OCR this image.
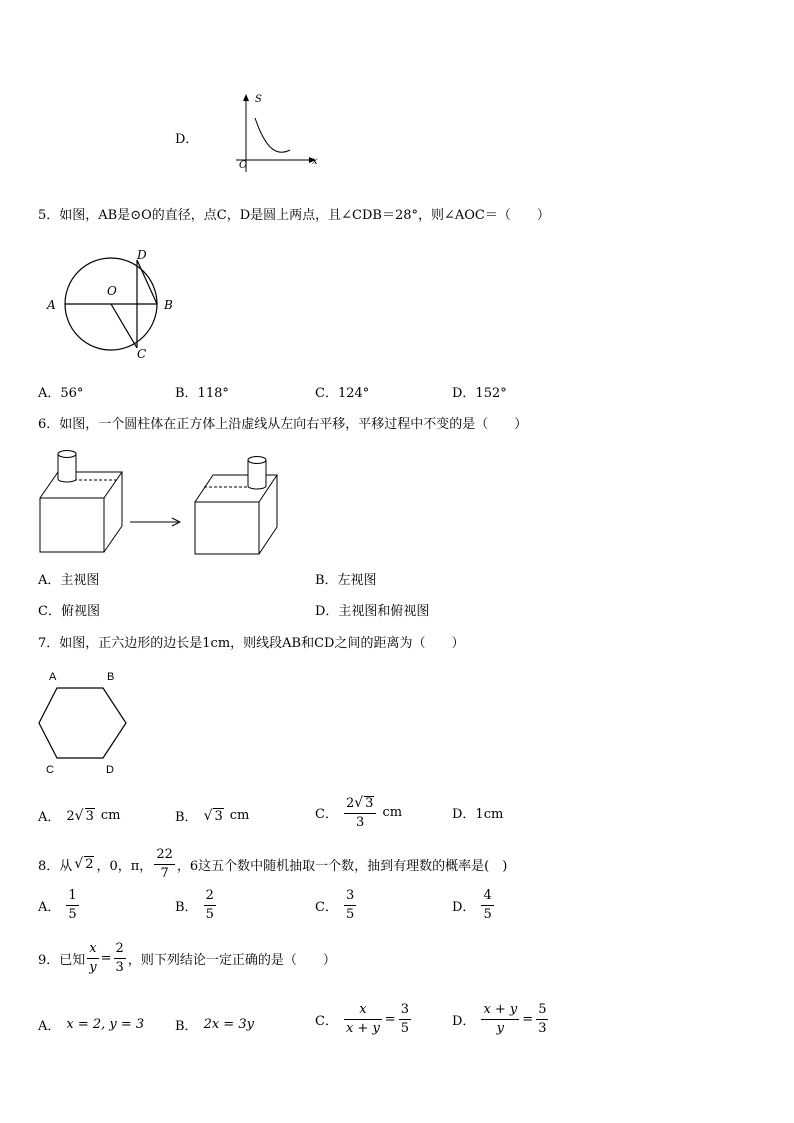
D．
S
x
O
5．如图，AB是⊙O的直径，点C，D是圆上两点，且∠CDB＝28°，则∠AOC＝（　　）
A	B
C
D
O
A．56°	B．118°	C．124°	D．152°
6．如图，一个圆柱体在正方体上沿虚线从左向右平移，平移过程中不变的是（　　）
A．主视图	B．左视图
C．俯视图	D．主视图和俯视图
7．如图，正六边形的边长是1cm，则线段AB和CD之间的距离为（　　）
A	B
C	D
A． 2√ 3 cm	B． √ 3 cm	C． $\frac{2√ 3}{3}$ cm	D．1cm
8．从 √ 2 ，0，π， $\frac{22}{7}$ ，6这五个数中随机抽取一个数，抽到有理数的概率是(　)
A． $\frac{1}{5}$	B． $\frac{2}{5}$	C． $\frac{3}{5}$	D． $\frac{4}{5}$
9．已知 $\frac{x}{y} = \frac{2}{3}$ ，则下列结论一定正确的是（　　）
A． x = 2, y = 3 B． 2x = 3y	C． $\frac{x}{x + y} = \frac{3}{5}$	D． $\frac{x + y}{y} = \frac{5}{3}$
